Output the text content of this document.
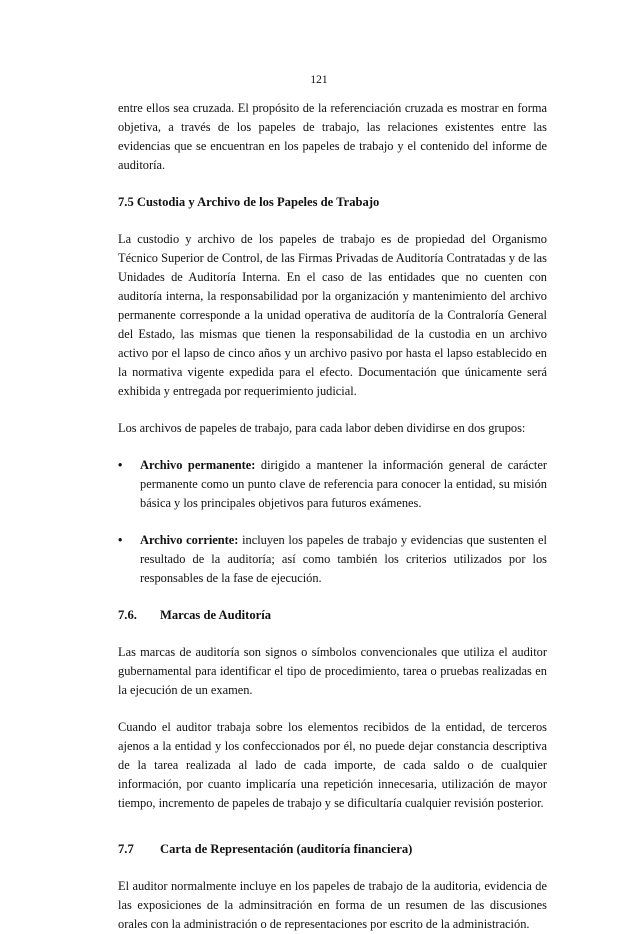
121

entre ellos sea cruzada. El propósito de la referenciación cruzada es mostrar en forma objetiva, a través de los papeles de trabajo, las relaciones existentes entre las evidencias que se encuentran en los papeles de trabajo y el contenido del informe de auditoría.

7.5 Custodia y Archivo de los Papeles de Trabajo

La custodio y archivo de los papeles de trabajo es de propiedad del Organismo Técnico Superior de Control, de las Firmas Privadas de Auditoría Contratadas y de las Unidades de Auditoría Interna. En el caso de las entidades que no cuenten con auditoría interna, la responsabilidad por la organización y mantenimiento del archivo permanente corresponde a la unidad operativa de auditoría de la Contraloría General del Estado, las mismas que tienen la responsabilidad de la custodia en un archivo activo por el lapso de cinco años y un archivo pasivo por hasta el lapso establecido en la normativa vigente expedida para el efecto. Documentación que únicamente será exhibida y entregada por requerimiento judicial.

Los archivos de papeles de trabajo, para cada labor deben dividirse en dos grupos:

• Archivo permanente: dirigido a mantener la información general de carácter permanente como un punto clave de referencia para conocer la entidad, su misión básica y los principales objetivos para futuros exámenes.
• Archivo corriente: incluyen los papeles de trabajo y evidencias que sustenten el resultado de la auditoría; así como también los criterios utilizados por los responsables de la fase de ejecución.
7.6. Marcas de Auditoría

Las marcas de auditoría son signos o símbolos convencionales que utiliza el auditor gubernamental para identificar el tipo de procedimiento, tarea o pruebas realizadas en la ejecución de un examen.

Cuando el auditor trabaja sobre los elementos recibidos de la entidad, de terceros ajenos a la entidad y los confeccionados por él, no puede dejar constancia descriptiva de la tarea realizada al lado de cada importe, de cada saldo o de cualquier información, por cuanto implicaría una repetición innecesaria, utilización de mayor tiempo, incremento de papeles de trabajo y se dificultaría cualquier revisión posterior.

7.7 Carta de Representación (auditoría financiera)

El auditor normalmente incluye en los papeles de trabajo de la auditoria, evidencia de las exposiciones de la adminsitración en forma de un resumen de las discusiones orales con la administración o de representaciones por escrito de la administración.
